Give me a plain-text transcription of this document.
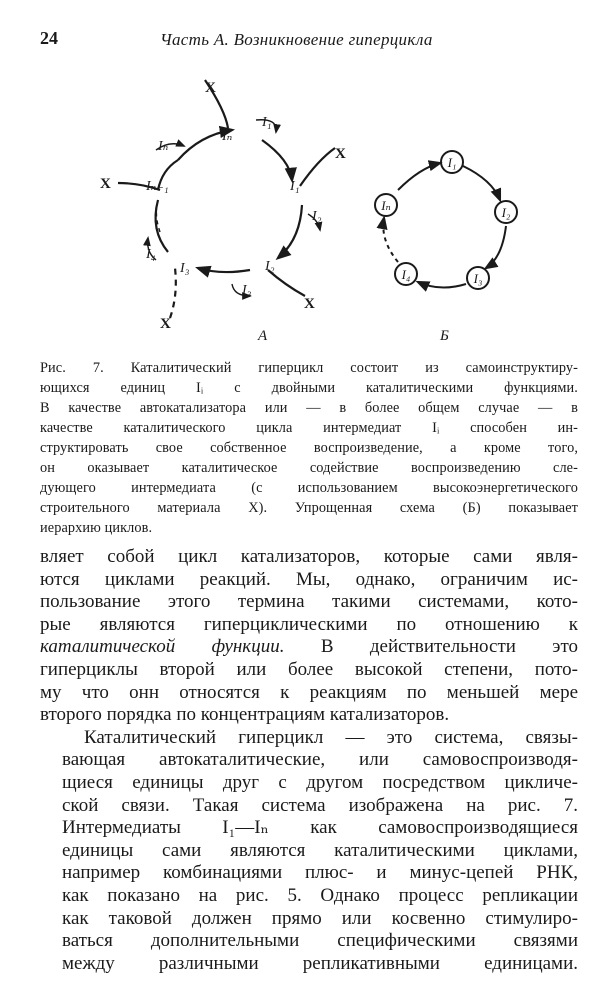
24	Часть А. Возникновение гиперцикла
I₁
Iₙ
Iₙ
I₁
I₂
I₂
I₃
I₃
I₄
Iₙ₋₁
X
X
X
X
X
I₁
I₂
I₃
I₄
Iₙ
А	Б
Рис. 7. Каталитический гиперцикл состоит из самоинструктиру-
ющихся единиц Iᵢ с двойными каталитическими функциями.
В качестве автокатализатора или — в более общем случае — в
качестве каталитического цикла интермедиат Iᵢ способен ин-
структировать свое собственное воспроизведение, а кроме того,
он оказывает каталитическое содействие воспроизведению сле-
дующего интермедиата (с использованием высокоэнергетического
строительного материала X). Упрощенная схема (Б) показывает
иерархию циклов.
вляет собой цикл катализаторов, которые сами явля-
ются циклами реакций. Мы, однако, ограничим ис-
пользование этого термина такими системами, кото-
рые являются гиперциклическими по отношению к
каталитической функции. В действительности это
гиперциклы второй или более высокой степени, пото-
му что онн относятся к реакциям по меньшей мере
второго порядка по концентрациям катализаторов.
Каталитический гиперцикл — это система, связы-
вающая автокаталитические, или самовоспроизводя-
щиеся единицы друг с другом посредством цикличе-
ской связи. Такая система изображена на рис. 7.
Интермедиаты I₁—Iₙ как самовоспроизводящиеся
единицы сами являются каталитическими циклами,
например комбинациями плюс- и минус-цепей РНК,
как показано на рис. 5. Однако процесс репликации
как таковой должен прямо или косвенно стимулиро-
ваться дополнительными специфическими связями
между различными репликативными единицами.
